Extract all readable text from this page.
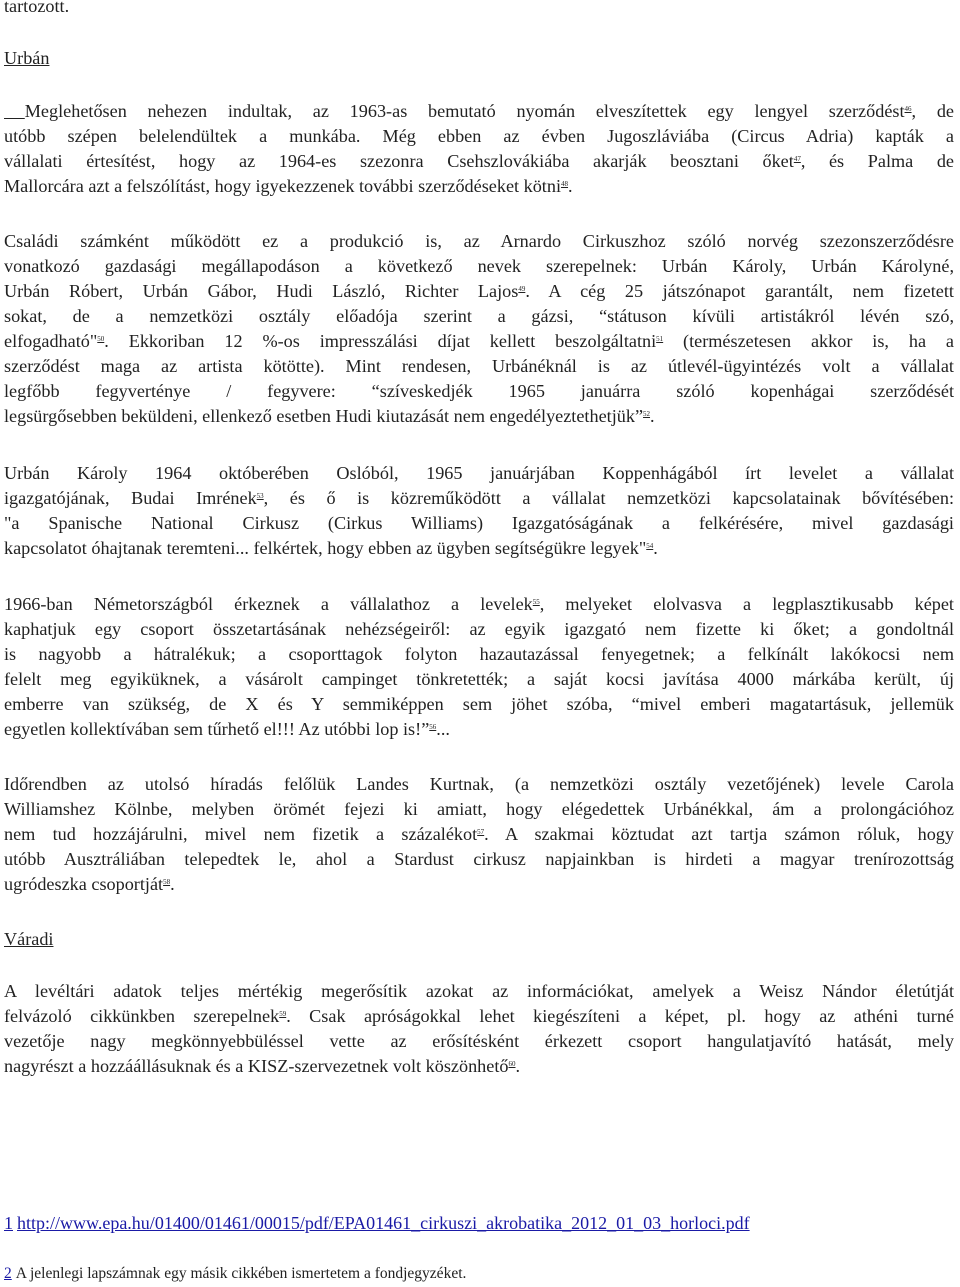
tartozott.
Urbán
Meglehetősen nehezen indultak, az 1963-as bemutató nyomán elveszítettek egy lengyel szerződést$^{46}$, de
utóbb szépen belelendültek a munkába. Még ebben az évben Jugoszláviába (Circus Adria) kapták a
vállalati értesítést, hogy az 1964-es szezonra Csehszlovákiába akarják beosztani őket$^{47}$, és Palma de
Mallorcára azt a felszólítást, hogy igyekezzenek további szerződéseket kötni$^{48}$.
Családi számként működött ez a produkció is, az Arnardo Cirkuszhoz szóló norvég szezonszerződésre
vonatkozó gazdasági megállapodáson a következő nevek szerepelnek: Urbán Károly, Urbán Károlyné,
Urbán Róbert, Urbán Gábor, Hudi László, Richter Lajos$^{49}$. A cég 25 játszónapot garantált, nem fizetett
sokat, de a nemzetközi osztály előadója szerint a gázsi, “státuson kívüli artistákról lévén szó,
elfogadható"$^{50}$. Ekkoriban 12 %-os impresszálási díjat kellett beszolgáltatni$^{51}$ (természetesen akkor is, ha a
szerződést maga az artista kötötte). Mint rendesen, Urbánéknál is az útlevél-ügyintézés volt a vállalat
legfőbb fegyvertényе / fegyvere: “szíveskedjék 1965 januárra szóló kopenhágai szerződését
legsürgősebben beküldeni, ellenkező esetben Hudi kiutazását nem engedélyeztethetjük”$^{52}$.
Urbán Károly 1964 októberében Oslóból, 1965 januárjában Koppenhágából írt levelet a vállalat
igazgatójának, Budai Imrének$^{53}$, és ő is közreműködött a vállalat nemzetközi kapcsolatainak bővítésében:
"a Spanische National Cirkusz (Cirkus Williams) Igazgatóságának a felkérésére, mivel gazdasági
kapcsolatot óhajtanak teremteni... felkértek, hogy ebben az ügyben segítségükre legyek"$^{54}$.
1966-ban Németországból érkeznek a vállalathoz a levelek$^{55}$, melyeket elolvasva a legplasztikusabb képet
kaphatjuk egy csoport összetartásának nehézségeiről: az egyik igazgató nem fizette ki őket; a gondoltnál
is nagyobb a hátralékuk; a csoporttagok folyton hazautazással fenyegetnek; a felkínált lakókocsi nem
felelt meg egyiküknek, a vásárolt campinget tönkretették; a saját kocsi javítása 4000 márkába került, új
emberre van szükség, de X és Y semmiképpen sem jöhet szóba, “mivel emberi magatartásuk, jellemük
egyetlen kollektívában sem tűrhető el!!! Az utóbbi lop is!”$^{56}$...
Időrendben az utolsó híradás felőlük Landes Kurtnak, (a nemzetközi osztály vezetőjének) levele Carola
Williamshez Kölnbe, melyben örömét fejezi ki amiatt, hogy elégedettek Urbánékkal, ám a prolongációhoz
nem tud hozzájárulni, mivel nem fizetik a százalékot$^{57}$. A szakmai köztudat azt tartja számon róluk, hogy
utóbb Ausztráliában telepedtek le, ahol a Stardust cirkusz napjainkban is hirdeti a magyar trenírozottság
ugródeszka csoportját$^{58}$.
Váradi
A levéltári adatok teljes mértékig megerősítik azokat az információkat, amelyek a Weisz Nándor életútját
felvázoló cikkünkben szerepelnek$^{59}$. Csak apróságokkal lehet kiegészíteni a képet, pl. hogy az athéni turné
vezetője nagy megkönnyebbüléssel vette az erősítésként érkezett csoport hangulatjavító hatását, mely
nagyrészt a hozzáállásuknak és a KISZ-szervezetnek volt köszönhető$^{60}$.
1 http://www.epa.hu/01400/01461/00015/pdf/EPA01461_cirkuszi_akrobatika_2012_01_03_horloci.pdf
2 A jelenlegi lapszámnak egy másik cikkében ismertetem a fondjegyzéket.
